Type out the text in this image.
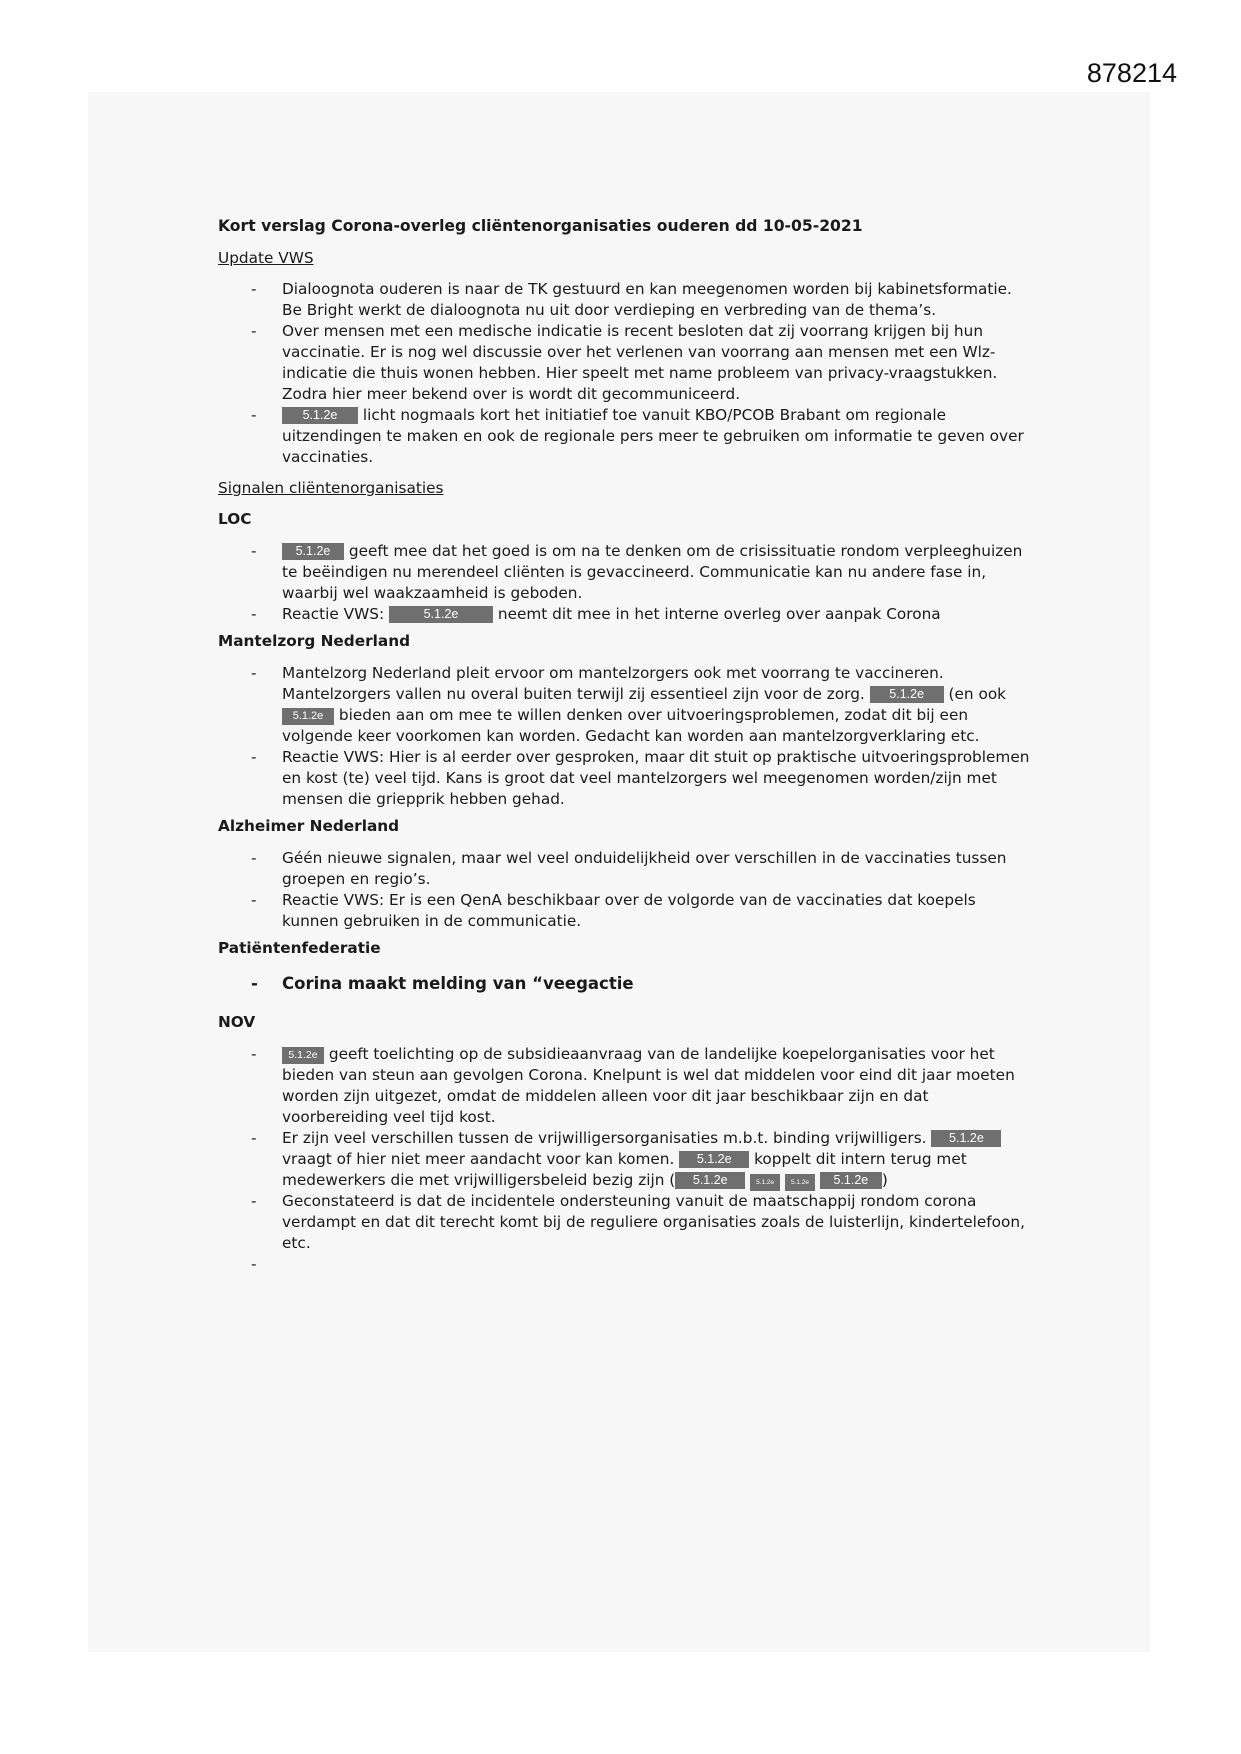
878214
Kort verslag Corona-overleg cliëntenorganisaties ouderen dd 10-05-2021
Update VWS
- Dialoognota ouderen is naar de TK gestuurd en kan meegenomen worden bij kabinetsformatie. Be Bright werkt de dialoognota nu uit door verdieping en verbreding van de thema’s.
- Over mensen met een medische indicatie is recent besloten dat zij voorrang krijgen bij hun vaccinatie. Er is nog wel discussie over het verlenen van voorrang aan mensen met een Wlz-indicatie die thuis wonen hebben. Hier speelt met name probleem van privacy-vraagstukken. Zodra hier meer bekend over is wordt dit gecommuniceerd.
-	5.1.2e licht nogmaals kort het initiatief toe vanuit KBO/PCOB Brabant om regionale uitzendingen te maken en ook de regionale pers meer te gebruiken om informatie te geven over vaccinaties.
Signalen cliëntenorganisaties
LOC
-	5.1.2e geeft mee dat het goed is om na te denken om de crisissituatie rondom verpleeghuizen te beëindigen nu merendeel cliënten is gevaccineerd. Communicatie kan nu andere fase in, waarbij wel waakzaamheid is geboden.
- Reactie VWS:	5.1.2e	neemt dit mee in het interne overleg over aanpak Corona
Mantelzorg Nederland
- Mantelzorg Nederland pleit ervoor om mantelzorgers ook met voorrang te vaccineren. Mantelzorgers vallen nu overal buiten terwijl zij essentieel zijn voor de zorg. 5.1.2e (en ook 5.1.2e bieden aan om mee te willen denken over uitvoeringsproblemen, zodat dit bij een volgende keer voorkomen kan worden. Gedacht kan worden aan mantelzorgverklaring etc.
- Reactie VWS: Hier is al eerder over gesproken, maar dit stuit op praktische uitvoeringsproblemen en kost (te) veel tijd. Kans is groot dat veel mantelzorgers wel meegenomen worden/zijn met mensen die griepprik hebben gehad.
Alzheimer Nederland
- Géén nieuwe signalen, maar wel veel onduidelijkheid over verschillen in de vaccinaties tussen groepen en regio’s.
- Reactie VWS: Er is een QenA beschikbaar over de volgorde van de vaccinaties dat koepels kunnen gebruiken in de communicatie.
Patiëntenfederatie
- Corina maakt melding van “veegactie
NOV
-	5.1.2e geeft toelichting op de subsidieaanvraag van de landelijke koepelorganisaties voor het bieden van steun aan gevolgen Corona. Knelpunt is wel dat middelen voor eind dit jaar moeten worden zijn uitgezet, omdat de middelen alleen voor dit jaar beschikbaar zijn en dat voorbereiding veel tijd kost.
- Er zijn veel verschillen tussen de vrijwilligersorganisaties m.b.t. binding vrijwilligers. 5.1.2e vraagt of hier niet meer aandacht voor kan komen. 5.1.2e koppelt dit intern terug met medewerkers die met vrijwilligersbeleid bezig zijn ( 5.1.2e	5.1.2e	5.1.2e 5.1.2e )
- Geconstateerd is dat de incidentele ondersteuning vanuit de maatschappij rondom corona verdampt en dat dit terecht komt bij de reguliere organisaties zoals de luisterlijn, kindertelefoon, etc.
-
